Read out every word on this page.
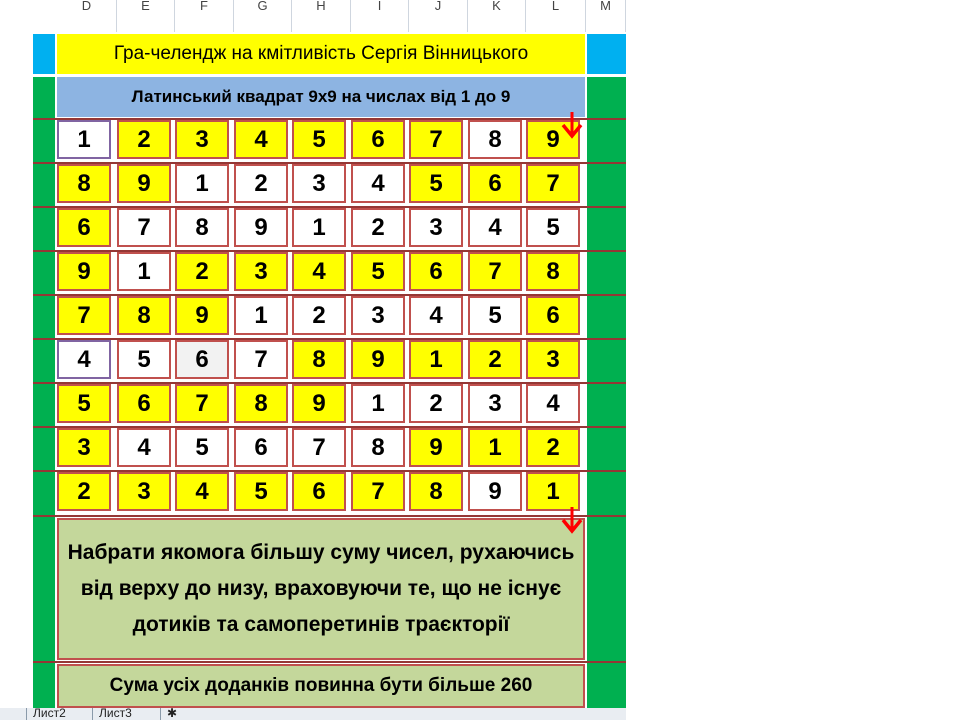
D	E	F	G	H	I	J	K	L	M
Гра-челендж на кмітливість Сергія Вінницького
Латинський квадрат 9х9 на числах від 1 до 9
1	2	3	4	5	6	7	8	9
8	9	1	2	3	4	5	6	7
6	7	8	9	1	2	3	4	5
9	1	2	3	4	5	6	7	8
7	8	9	1	2	3	4	5	6
4	5	6	7	8	9	1	2	3
5	6	7	8	9	1	2	3	4
3	4	5	6	7	8	9	1	2
2	3	4	5	6	7	8	9	1
Набрати якомога більшу суму чисел, рухаючись від верху до низу, враховуючи те, що не існує дотиків та самоперетинів траєкторії
Сума усіх доданків повинна бути більше 260
Лист2	Лист3	✱
